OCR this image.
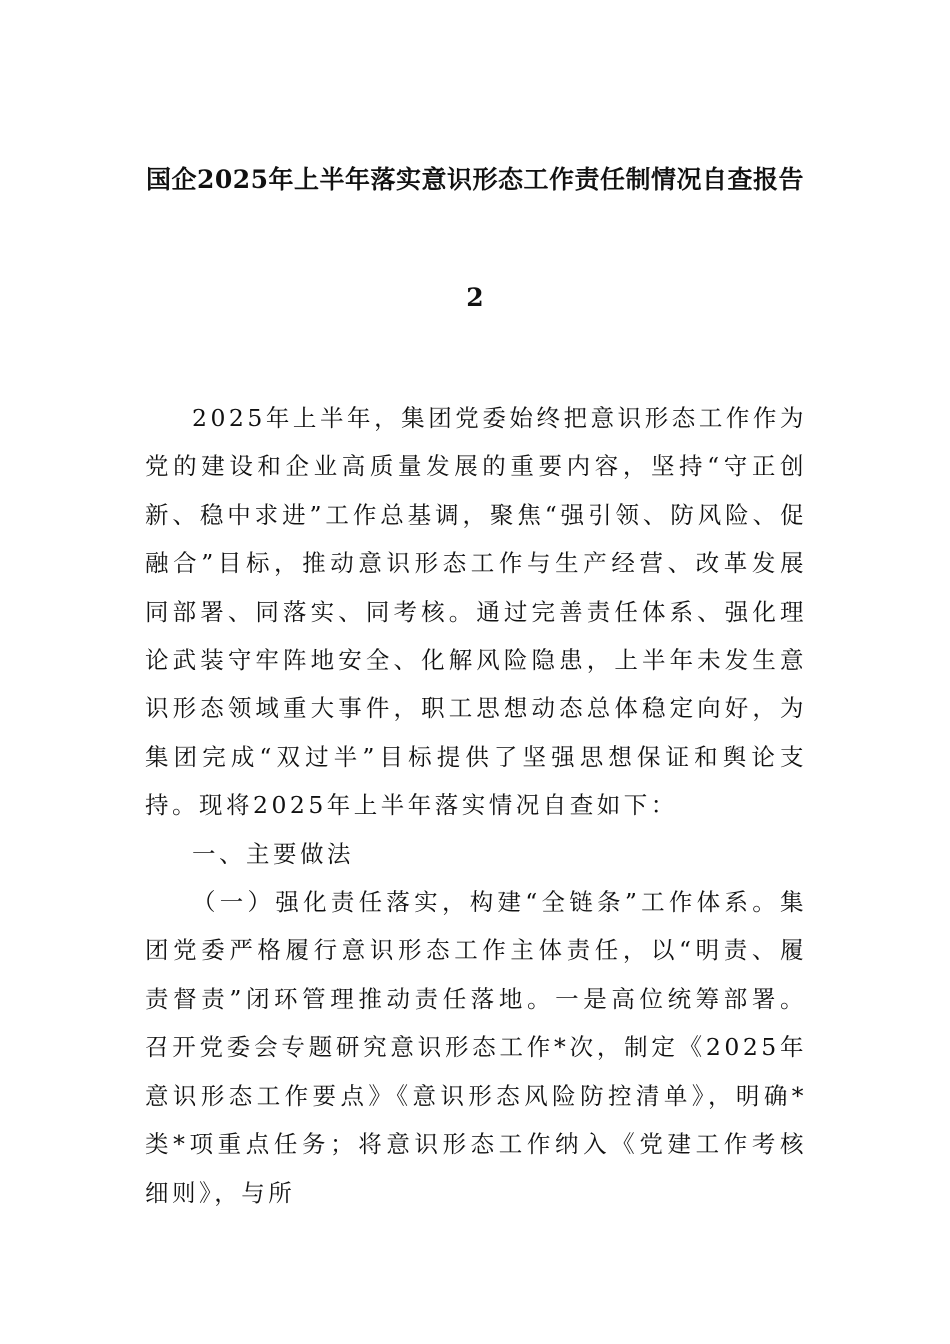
国企2025年上半年落实意识形态工作责任制情况自查报告
2

2025年上半年，集团党委始终把意识形态工作作为党的建设和企业高质量发展的重要内容，坚持“守正创新、稳中求进”工作总基调，聚焦“强引领、防风险、促融合”目标，推动意识形态工作与生产经营、改革发展同部署、同落实、同考核。通过完善责任体系、强化理论武装守牢阵地安全、化解风险隐患，上半年未发生意识形态领域重大事件，职工思想动态总体稳定向好，为集团完成“双过半”目标提供了坚强思想保证和舆论支持。现将2025年上半年落实情况自查如下：

一、主要做法

（一）强化责任落实，构建“全链条”工作体系。集团党委严格履行意识形态工作主体责任，以“明责、履责督责”闭环管理推动责任落地。一是高位统筹部署。召开党委会专题研究意识形态工作*次，制定《2025年意识形态工作要点》《意识形态风险防控清单》，明确*类*项重点任务；将意识形态工作纳入《党建工作考核细则》，与所
